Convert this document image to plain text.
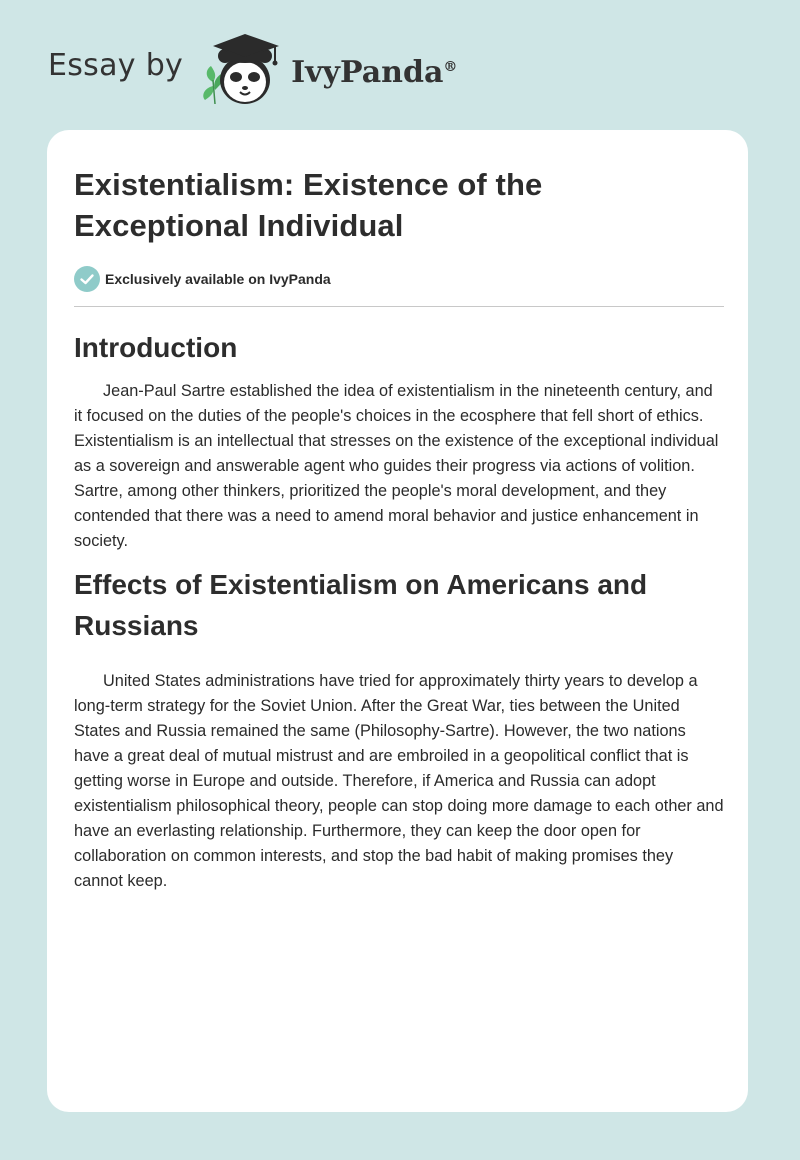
Essay by	IvyPanda®
Existentialism: Existence of the Exceptional Individual
Exclusively available on IvyPanda
Introduction

Jean-Paul Sartre established the idea of existentialism in the nineteenth century, and it focused on the duties of the people's choices in the ecosphere that fell short of ethics. Existentialism is an intellectual that stresses on the existence of the exceptional individual as a sovereign and answerable agent who guides their progress via actions of volition. Sartre, among other thinkers, prioritized the people's moral development, and they contended that there was a need to amend moral behavior and justice enhancement in society.

Effects of Existentialism on Americans and Russians

United States administrations have tried for approximately thirty years to develop a long-term strategy for the Soviet Union. After the Great War, ties between the United States and Russia remained the same (Philosophy-Sartre). However, the two nations have a great deal of mutual mistrust and are embroiled in a geopolitical conflict that is getting worse in Europe and outside. Therefore, if America and Russia can adopt existentialism philosophical theory, people can stop doing more damage to each other and have an everlasting relationship. Furthermore, they can keep the door open for collaboration on common interests, and stop the bad habit of making promises they cannot keep.
